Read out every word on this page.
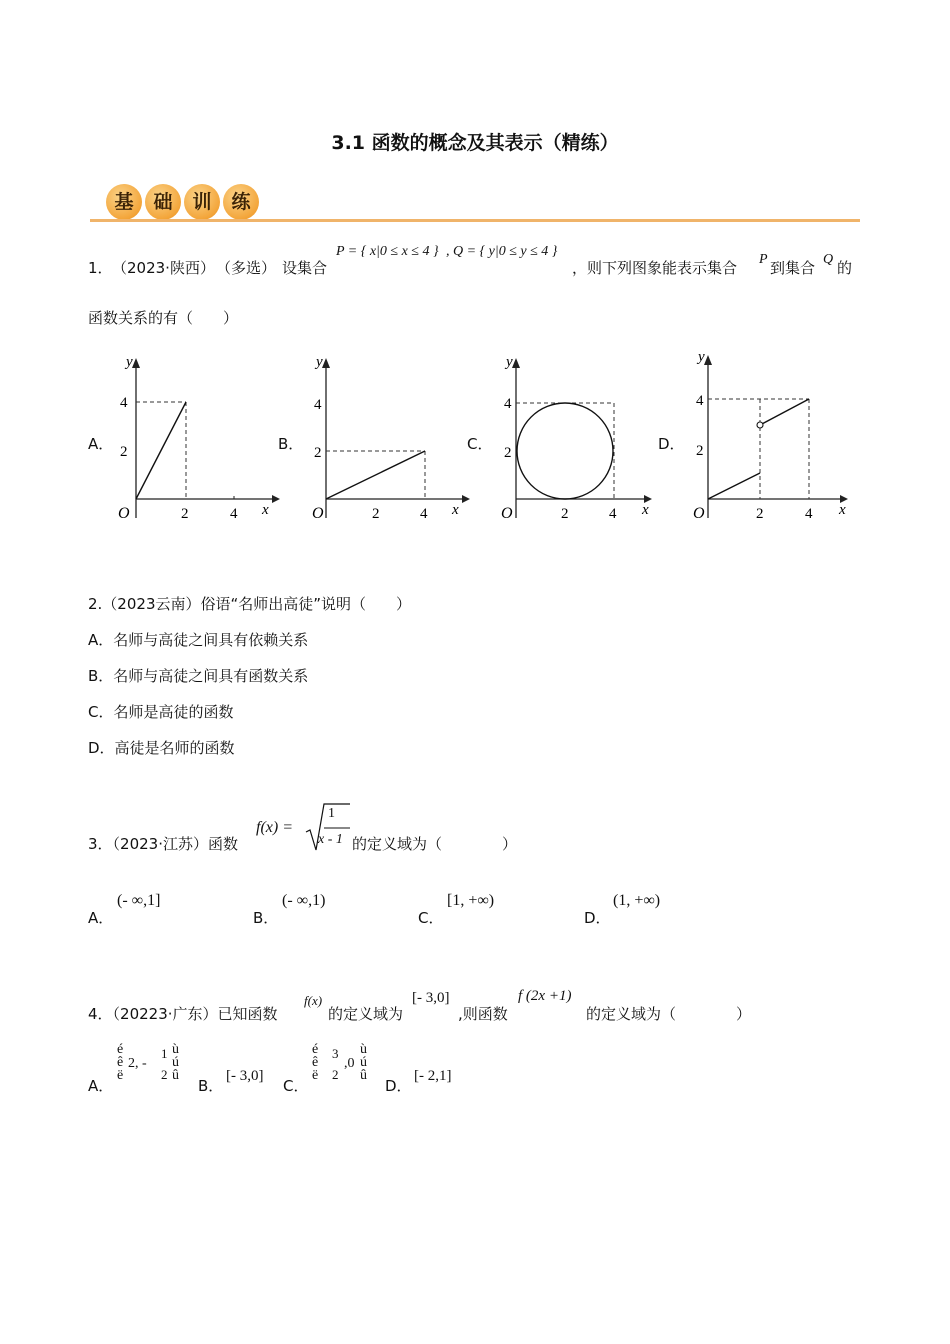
3.1 函数的概念及其表示（精练）
基	础	训	练
1． （2023·陕西） （多选） 设集合
P = { x|0 ≤ x ≤ 4 } , Q = { y|0 ≤ y ≤ 4 }
，则下列图象能表示集合 P 到集合 Q 的
函数关系的有（　　）
A．	B．	C．	D．
y
4
2
O	2	4 x
y
4
2
O	2	4 x
y
4
2
O	2	4 x
y
4
2
O	2	4 x
2.（2023云南）俗语“名师出高徒”说明（　　）
A．名师与高徒之间具有依赖关系
B．名师与高徒之间具有函数关系
C．名师是高徒的函数
D．高徒是名师的函数
3．（2023·江苏）函数
f(x) =
1
x - 1 的定义域为（　　　　）
A．
(- ∞,1]
B．
(- ∞,1)
C．
[1, +∞)
D．
(1, +∞)
4．（20223·广东）已知函数
f(x)
的定义域为
[- 3,0]
,则函数
f (2x +1)
的定义域为（　　　　）
A．
é
ê
ë
2, -
1
2
ù
ú
û
B．
[- 3,0]
C．
é
ê
ë
3
2
,0
ù
ú
û
D．
[- 2,1]
